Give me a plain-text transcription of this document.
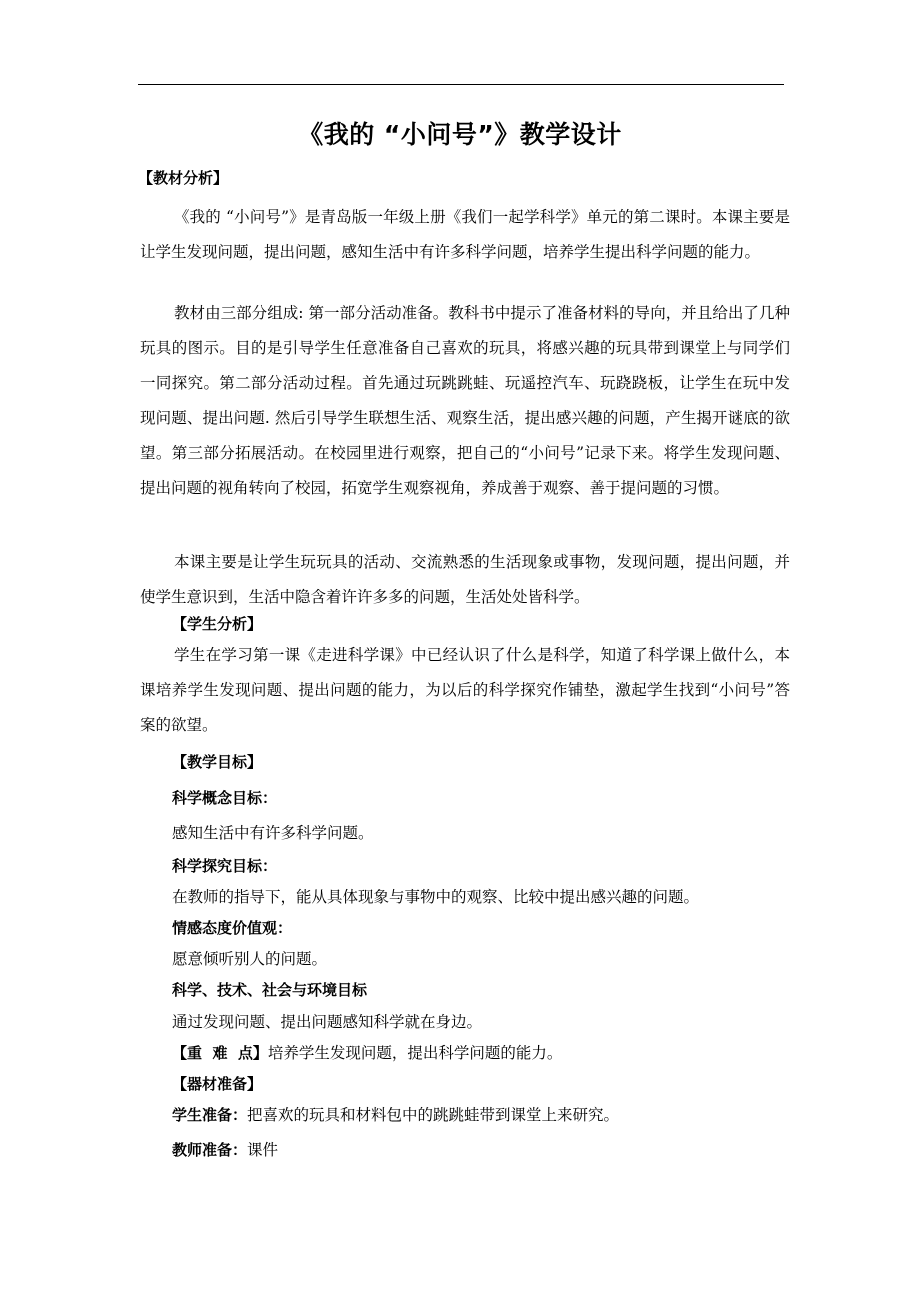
《我的 “小问号”》教学设计
【教材分析】

《我的 “小问号”》是青岛版一年级上册《我们一起学科学》单元的第二课时。本课主要是让学生发现问题，提出问题，感知生活中有许多科学问题，培养学生提出科学问题的能力。

教材由三部分组成: 第一部分活动准备。教科书中提示了准备材料的导向，并且给出了几种玩具的图示。目的是引导学生任意准备自己喜欢的玩具，将感兴趣的玩具带到课堂上与同学们一同探究。第二部分活动过程。首先通过玩跳跳蛙、玩遥控汽车、玩跷跷板，让学生在玩中发现问题、提出问题. 然后引导学生联想生活、观察生活，提出感兴趣的问题，产生揭开谜底的欲望。第三部分拓展活动。在校园里进行观察，把自己的“小问号”记录下来。将学生发现问题、提出问题的视角转向了校园，拓宽学生观察视角，养成善于观察、善于提问题的习惯。

本课主要是让学生玩玩具的活动、交流熟悉的生活现象或事物，发现问题，提出问题，并使学生意识到，生活中隐含着许许多多的问题，生活处处皆科学。

【学生分析】

学生在学习第一课《走进科学课》中已经认识了什么是科学，知道了科学课上做什么，本课培养学生发现问题、提出问题的能力，为以后的科学探究作铺垫，激起学生找到“小问号”答案的欲望。

【教学目标】
科学概念目标：
感知生活中有许多科学问题。
科学探究目标：
在教师的指导下，能从具体现象与事物中的观察、比较中提出感兴趣的问题。
情感态度价值观：
愿意倾听别人的问题。
科学、技术、社会与环境目标
通过发现问题、提出问题感知科学就在身边。
【重  难  点】培养学生发现问题，提出科学问题的能力。
【器材准备】
学生准备：把喜欢的玩具和材料包中的跳跳蛙带到课堂上来研究。
教师准备：课件
